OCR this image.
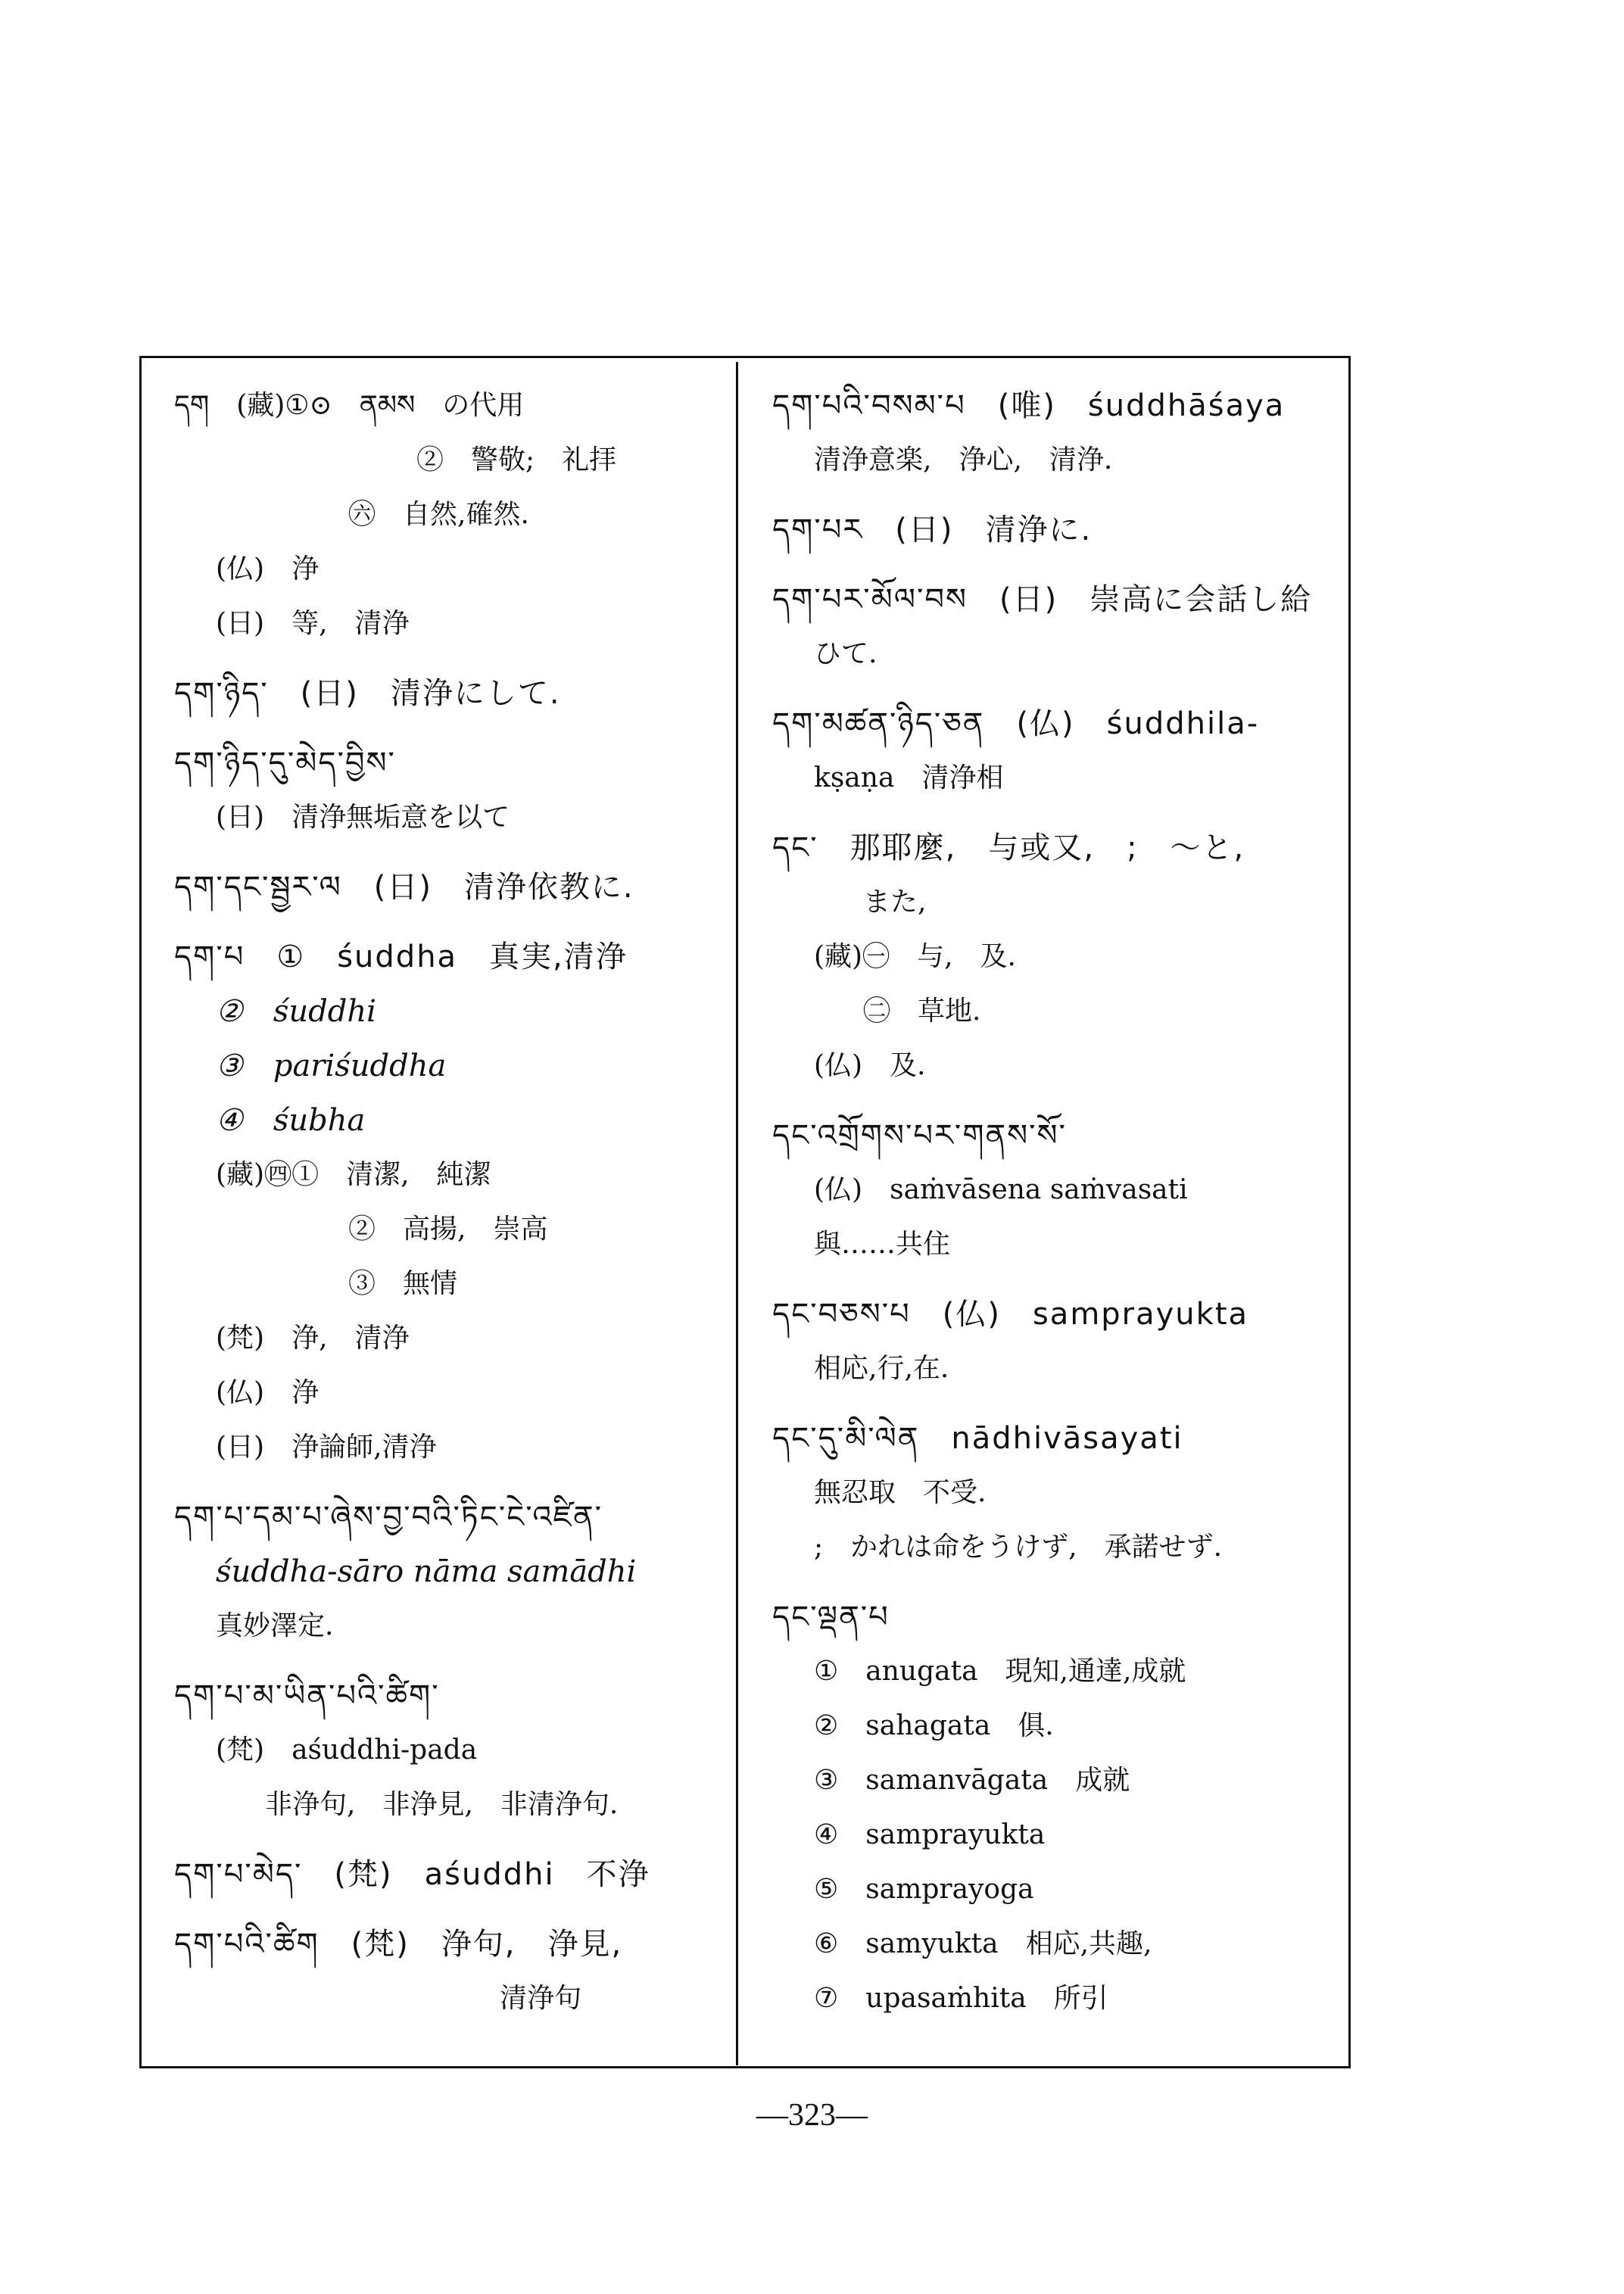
དག　(藏)①⊙　ནམས　の代用
②　警敬;　礼拝
㊅　自然,確然.
(仏)　浄
(日)　等,　清浄
དག་ཉིད་　(日)　清浄にして.
དག་ཉིད་དུ་མེད་བྱིས་
(日)　清浄無垢意を以て
དག་དང་སྦྱར་ལ　(日)　清浄依教に.
དག་པ　①　śuddha　真実,清浄
②　śuddhi
③　pariśuddha
④　śubha
(藏)㊃①　清潔,　純潔
②　高揚,　崇高
③　無情
(梵)　浄,　清浄
(仏)　浄
(日)　浄論師,清浄
དག་པ་དམ་པ་ཞེས་བྱ་བའི་ཏིང་ངེ་འཛིན་
śuddha-sāro nāma samādhi
真妙澤定.
དག་པ་མ་ཡིན་པའི་ཚིག་
(梵)　aśuddhi-pada
非浄句,　非浄見,　非清浄句.
དག་པ་མེད་　(梵)　aśuddhi　不浄
དག་པའི་ཚིག　(梵)　浄句,　浄見,
清浄句
དག་པའི་བསམ་པ　(唯)　śuddhāśaya
清浄意楽,　浄心,　清浄.
དག་པར　(日)　清浄に.
དག་པར་མོལ་བས　(日)　崇高に会話し給
ひて.
དག་མཚན་ཉིད་ཅན　(仏)　śuddhila-
kṣaṇa　清浄相
དང་　那耶麼,　与或又,　;　〜と,
また,
(藏)㊀　与,　及.
㊁　草地.
(仏)　及.
དང་འགྲོགས་པར་གནས་སོ་
(仏)　saṁvāsena saṁvasati
與……共住
དང་བཅས་པ　(仏)　samprayukta
相応,行,在.
དང་དུ་མི་ལེན　nādhivāsayati
無忍取　不受.
;　かれは命をうけず,　承諾せず.
དང་ལྡན་པ
①　anugata　現知,通達,成就
②　sahagata　俱.
③　samanvāgata　成就
④　samprayukta
⑤　samprayoga
⑥　samyukta　相応,共趣,
⑦　upasaṁhita　所引
—323—
